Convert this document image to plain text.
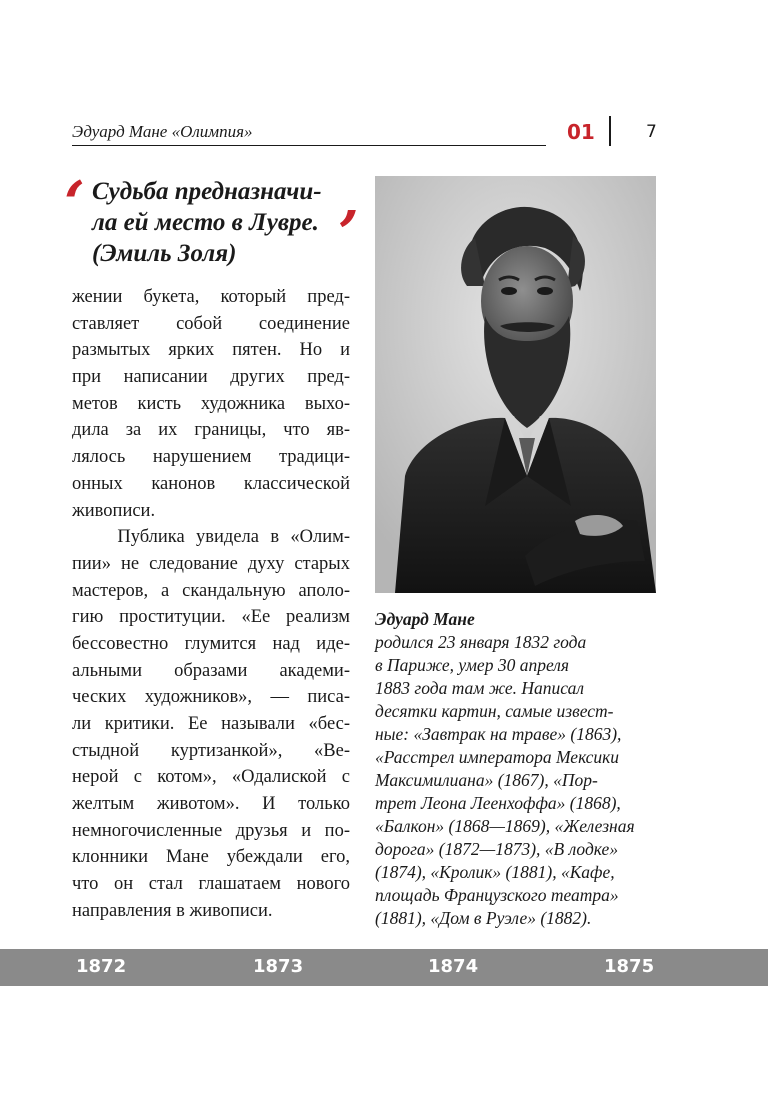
Эдуард Мане «Олимпия»	01	7
‘ Судьба предназначи-
ла ей место в Лувре.
(Эмиль Золя)	’
жении букета, который пред-
ставляет собой соединение
размытых ярких пятен. Но и
при написании других пред-
метов кисть художника выхо-
дила за их границы, что яв-
лялось нарушением традици-
онных канонов классической
живописи.
Публика увидела в «Олим-
пии» не следование духу старых
мастеров, а скандальную аполо-
гию проституции. «Ее реализм
бессовестно глумится над иде-
альными образами академи-
ческих художников», — писа-
ли критики. Ее называли «бес-
стыдной куртизанкой», «Ве-
нерой с котом», «Одалиской с
желтым животом». И только
немногочисленные друзья и по-
клонники Мане убеждали его,
что он стал глашатаем нового
направления в живописи.
Эдуард Мане
родился 23 января 1832 года
в Париже, умер 30 апреля
1883 года там же. Написал
десятки картин, самые извест-
ные: «Завтрак на траве» (1863),
«Расстрел императора Мексики
Максимилиана» (1867), «Пор-
трет Леона Леенхоффа» (1868),
«Балкон» (1868—1869), «Железная
дорога» (1872—1873), «В лодке»
(1874), «Кролик» (1881), «Кафе,
площадь Французского театра»
(1881), «Дом в Руэле» (1882).
1872	1873	1874	1875
